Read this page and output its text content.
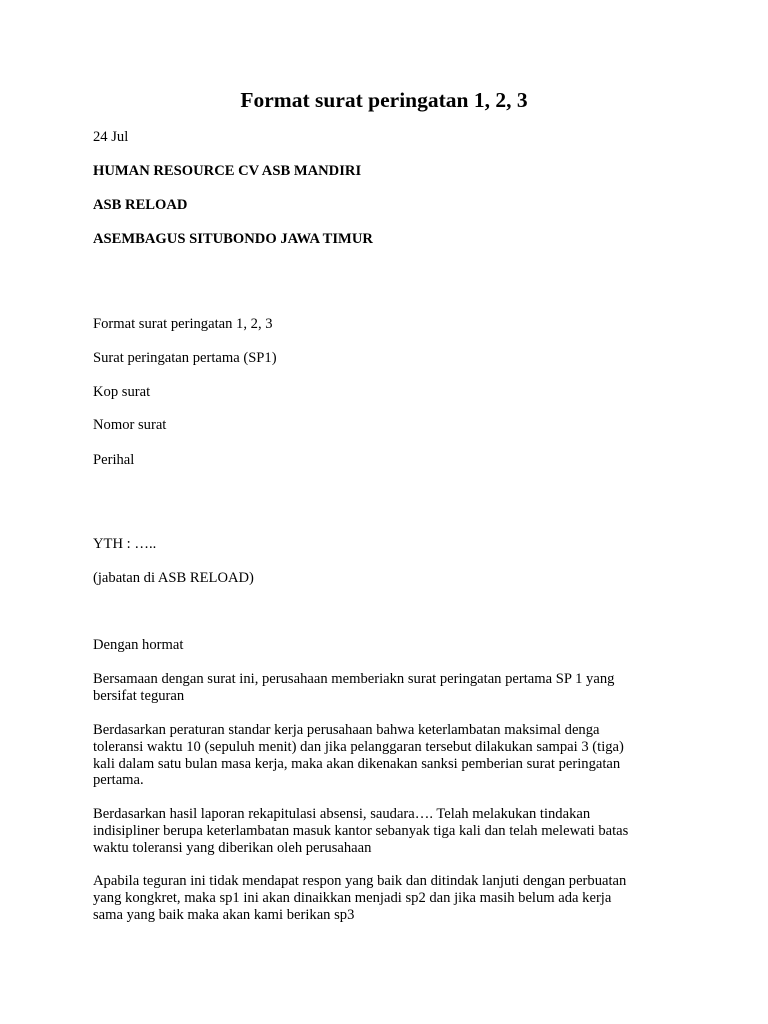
Format surat peringatan 1, 2, 3
24 Jul
HUMAN RESOURCE CV ASB MANDIRI
ASB RELOAD
ASEMBAGUS SITUBONDO JAWA TIMUR
Format surat peringatan 1, 2, 3
Surat peringatan pertama (SP1)
Kop surat
Nomor surat
Perihal
YTH : …..
(jabatan di ASB RELOAD)
Dengan hormat
Bersamaan dengan surat ini, perusahaan memberiakn surat peringatan pertama SP 1 yang
bersifat teguran
Berdasarkan peraturan standar kerja perusahaan bahwa keterlambatan maksimal denga
toleransi waktu 10 (sepuluh menit) dan jika pelanggaran tersebut dilakukan sampai 3 (tiga)
kali dalam satu bulan masa kerja, maka akan dikenakan sanksi pemberian surat peringatan
pertama.
Berdasarkan hasil laporan rekapitulasi absensi, saudara…. Telah melakukan tindakan
indisipliner berupa keterlambatan masuk kantor sebanyak tiga kali dan telah melewati batas
waktu toleransi yang diberikan oleh perusahaan
Apabila teguran ini tidak mendapat respon yang baik dan ditindak lanjuti dengan perbuatan
yang kongkret, maka sp1 ini akan dinaikkan menjadi sp2 dan jika masih belum ada kerja
sama yang baik maka akan kami berikan sp3
